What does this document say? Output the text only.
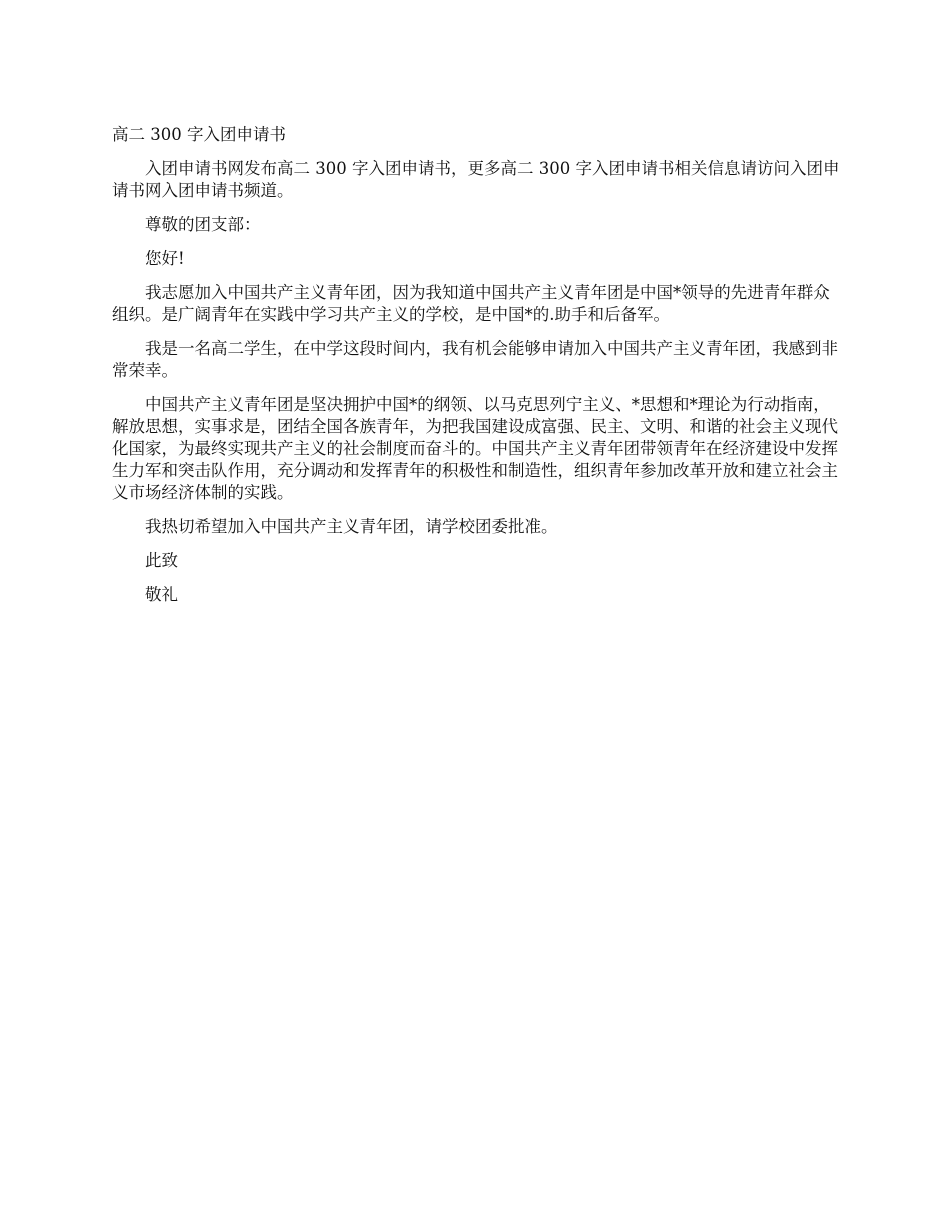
高二 300 字入团申请书

入团申请书网发布高二 300 字入团申请书，更多高二 300 字入团申请书相关信息请访问入团申请书网入团申请书频道。

尊敬的团支部：

您好!

我志愿加入中国共产主义青年团，因为我知道中国共产主义青年团是中国*领导的先进青年群众组织。是广阔青年在实践中学习共产主义的学校，是中国*的.助手和后备军。

我是一名高二学生，在中学这段时间内，我有机会能够申请加入中国共产主义青年团，我感到非常荣幸。

中国共产主义青年团是坚决拥护中国*的纲领、以马克思列宁主义、*思想和*理论为行动指南，解放思想，实事求是，团结全国各族青年，为把我国建设成富强、民主、文明、和谐的社会主义现代化国家，为最终实现共产主义的社会制度而奋斗的。中国共产主义青年团带领青年在经济建设中发挥生力军和突击队作用，充分调动和发挥青年的积极性和制造性，组织青年参加改革开放和建立社会主义市场经济体制的实践。

我热切希望加入中国共产主义青年团，请学校团委批准。

此致

敬礼
